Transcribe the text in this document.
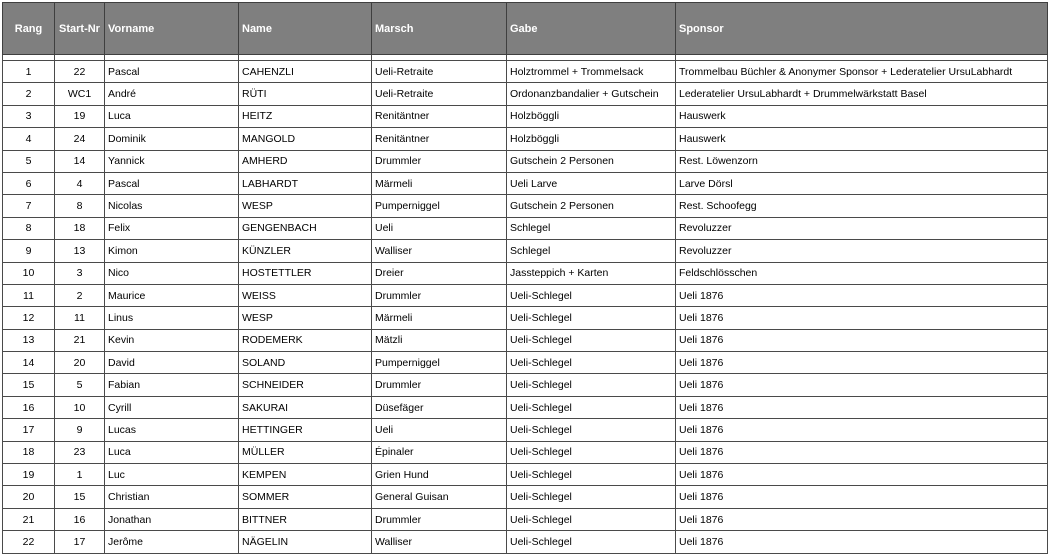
Rang	Start-Nr	Vorname	Name	Marsch	Gabe	Sponsor

1	22	Pascal	CAHENZLI	Ueli-Retraite	Holztrommel + Trommelsack	Trommelbau Büchler & Anonymer Sponsor + Lederatelier UrsuLabhardt
2	WC1	André	RÜTI	Ueli-Retraite	Ordonanzbandalier + Gutschein	Lederatelier UrsuLabhardt + Drummelwärkstatt Basel
3	19	Luca	HEITZ	Renitäntner	Holzböggli	Hauswerk
4	24	Dominik	MANGOLD	Renitäntner	Holzböggli	Hauswerk
5	14	Yannick	AMHERD	Drummler	Gutschein 2 Personen	Rest. Löwenzorn
6	4	Pascal	LABHARDT	Märmeli	Ueli Larve	Larve Dörsl
7	8	Nicolas	WESP	Pumperniggel	Gutschein 2 Personen	Rest. Schoofegg
8	18	Felix	GENGENBACH	Ueli	Schlegel	Revoluzzer
9	13	Kimon	KÜNZLER	Walliser	Schlegel	Revoluzzer
10	3	Nico	HOSTETTLER	Dreier	Jassteppich + Karten	Feldschlösschen
11	2	Maurice	WEISS	Drummler	Ueli-Schlegel	Ueli 1876
12	11	Linus	WESP	Märmeli	Ueli-Schlegel	Ueli 1876
13	21	Kevin	RODEMERK	Mätzli	Ueli-Schlegel	Ueli 1876
14	20	David	SOLAND	Pumperniggel	Ueli-Schlegel	Ueli 1876
15	5	Fabian	SCHNEIDER	Drummler	Ueli-Schlegel	Ueli 1876
16	10	Cyrill	SAKURAI	Düsefäger	Ueli-Schlegel	Ueli 1876
17	9	Lucas	HETTINGER	Ueli	Ueli-Schlegel	Ueli 1876
18	23	Luca	MÜLLER	Épinaler	Ueli-Schlegel	Ueli 1876
19	1	Luc	KEMPEN	Grien Hund	Ueli-Schlegel	Ueli 1876
20	15	Christian	SOMMER	General Guisan	Ueli-Schlegel	Ueli 1876
21	16	Jonathan	BITTNER	Drummler	Ueli-Schlegel	Ueli 1876
22	17	Jerôme	NÄGELIN	Walliser	Ueli-Schlegel	Ueli 1876
